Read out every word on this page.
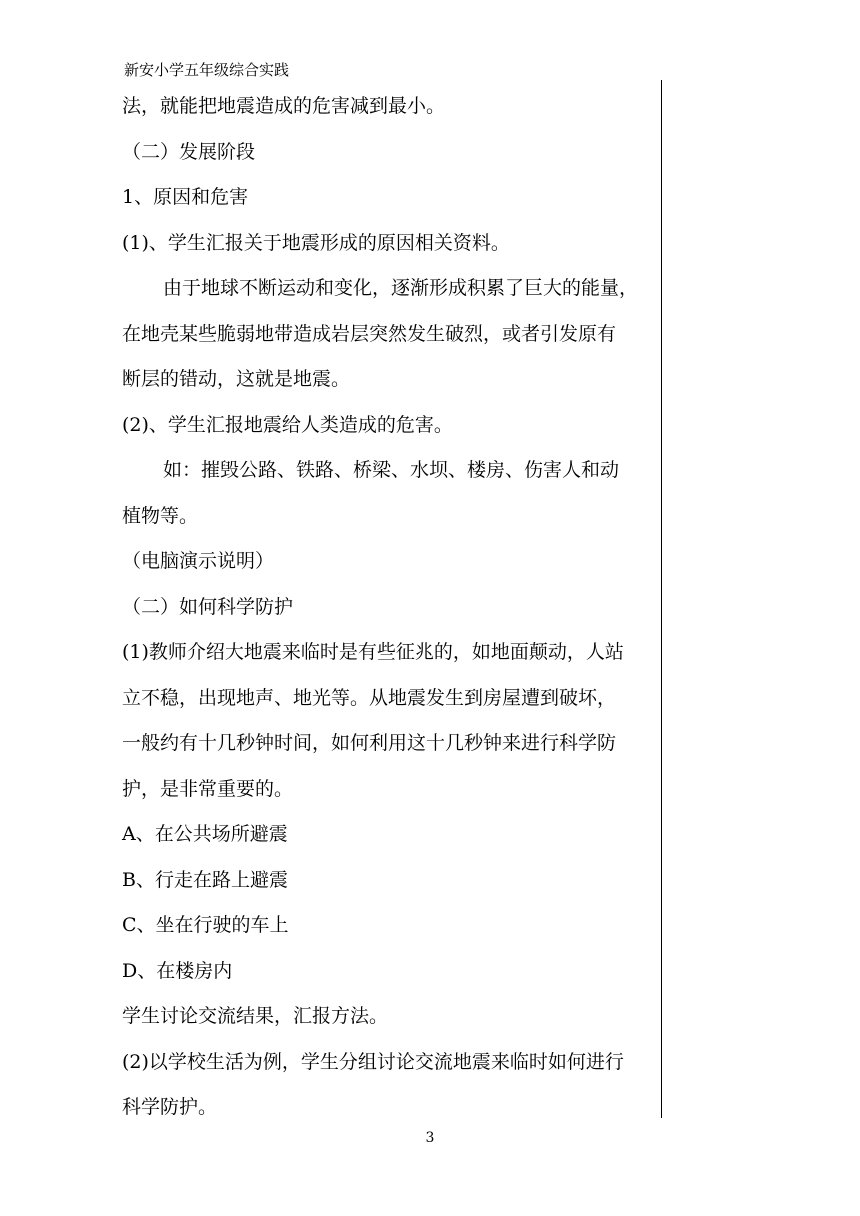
新安小学五年级综合实践

法，就能把地震造成的危害减到最小。

（二）发展阶段

1、原因和危害

(1)、学生汇报关于地震形成的原因相关资料。

由于地球不断运动和变化，逐渐形成积累了巨大的能量，
在地壳某些脆弱地带造成岩层突然发生破烈，或者引发原有
断层的错动，这就是地震。

(2)、学生汇报地震给人类造成的危害。

如：摧毁公路、铁路、桥梁、水坝、楼房、伤害人和动
植物等。

（电脑演示说明）

（二）如何科学防护

(1)教师介绍大地震来临时是有些征兆的，如地面颠动，人站
立不稳，出现地声、地光等。从地震发生到房屋遭到破坏，
一般约有十几秒钟时间，如何利用这十几秒钟来进行科学防
护，是非常重要的。

A、在公共场所避震

B、行走在路上避震

C、坐在行驶的车上

D、在楼房内

学生讨论交流结果，汇报方法。

(2)以学校生活为例，学生分组讨论交流地震来临时如何进行
科学防护。

3
